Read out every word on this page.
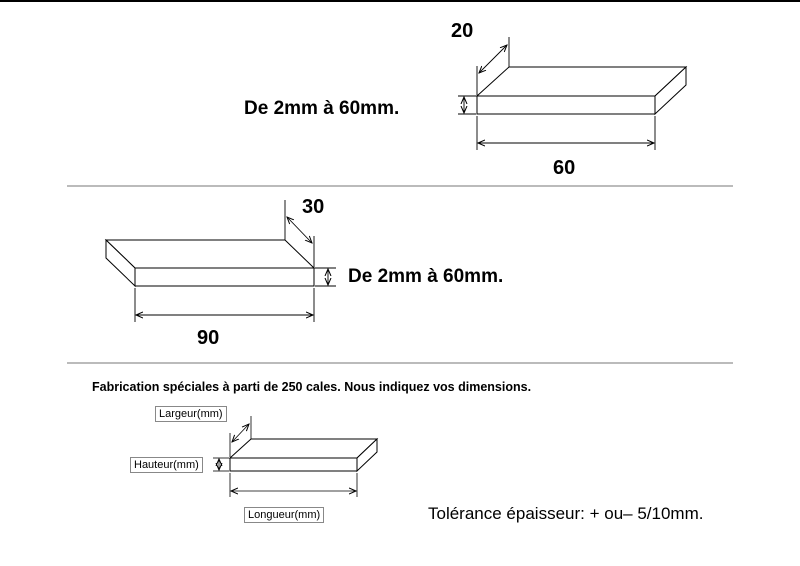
20
De 2mm à 60mm.
60
30
De 2mm à 60mm.
90
Fabrication spéciales à parti de 250 cales. Nous indiquez vos dimensions.
Largeur(mm)
Hauteur(mm)
Longueur(mm)	Tolérance épaisseur: + ou– 5/10mm.
